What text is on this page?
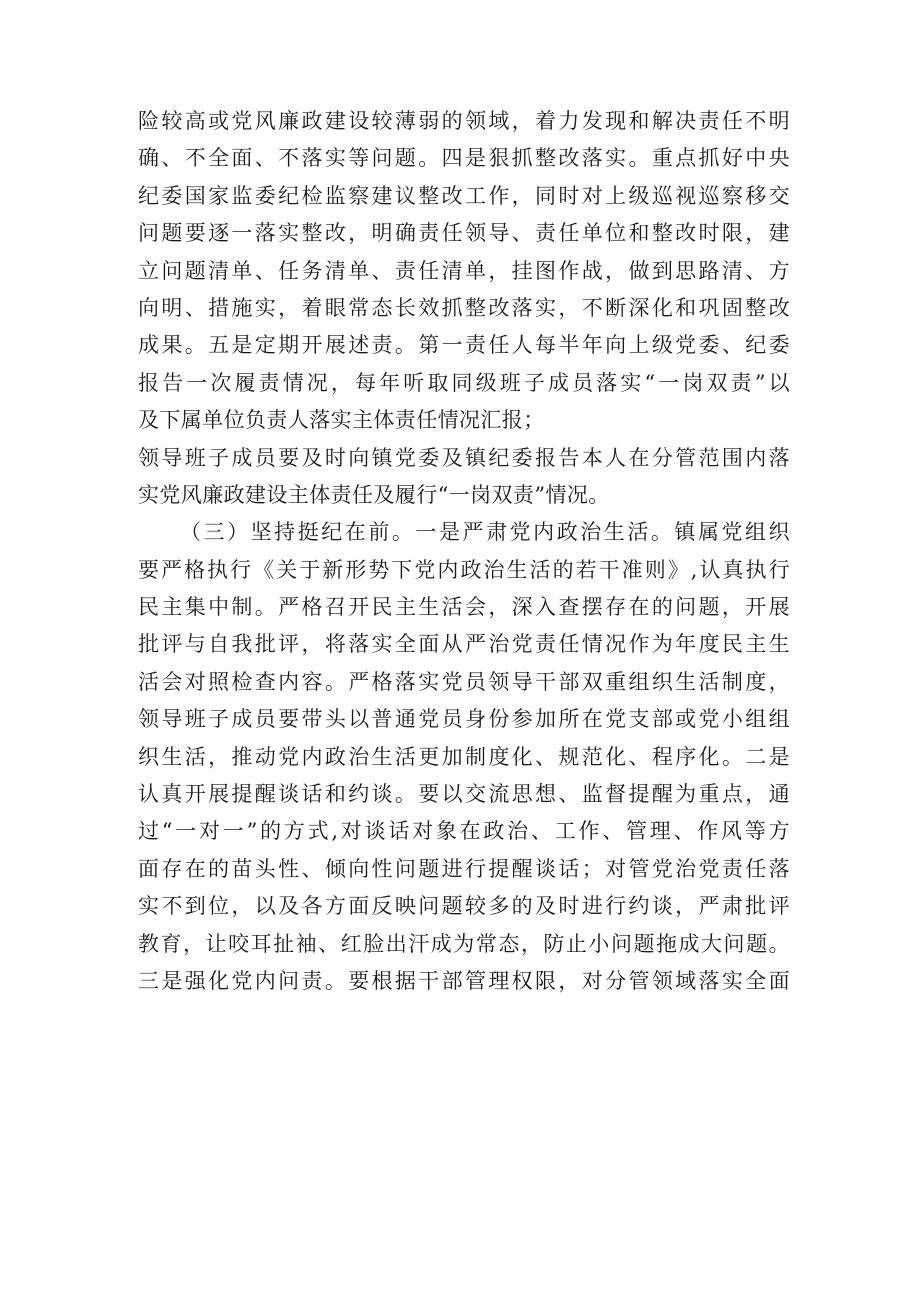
险较高或党风廉政建设较薄弱的领域，着力发现和解决责任不明
确、不全面、不落实等问题。四是狠抓整改落实。重点抓好中央
纪委国家监委纪检监察建议整改工作，同时对上级巡视巡察移交
问题要逐一落实整改，明确责任领导、责任单位和整改时限，建
立问题清单、任务清单、责任清单，挂图作战，做到思路清、方
向明、措施实，着眼常态长效抓整改落实，不断深化和巩固整改
成果。五是定期开展述责。第一责任人每半年向上级党委、纪委
报告一次履责情况，每年听取同级班子成员落实“一岗双责”以
及下属单位负责人落实主体责任情况汇报；
领导班子成员要及时向镇党委及镇纪委报告本人在分管范围内落
实党风廉政建设主体责任及履行“一岗双责”情况。
（三）坚持挺纪在前。一是严肃党内政治生活。镇属党组织
要严格执行《关于新形势下党内政治生活的若干准则》,认真执行
民主集中制。严格召开民主生活会，深入查摆存在的问题，开展
批评与自我批评，将落实全面从严治党责任情况作为年度民主生
活会对照检查内容。严格落实党员领导干部双重组织生活制度，
领导班子成员要带头以普通党员身份参加所在党支部或党小组组
织生活，推动党内政治生活更加制度化、规范化、程序化。二是
认真开展提醒谈话和约谈。要以交流思想、监督提醒为重点，通
过“一对一”的方式,对谈话对象在政治、工作、管理、作风等方
面存在的苗头性、倾向性问题进行提醒谈话；对管党治党责任落
实不到位，以及各方面反映问题较多的及时进行约谈，严肃批评
教育，让咬耳扯袖、红脸出汗成为常态，防止小问题拖成大问题。
三是强化党内问责。要根据干部管理权限，对分管领域落实全面
